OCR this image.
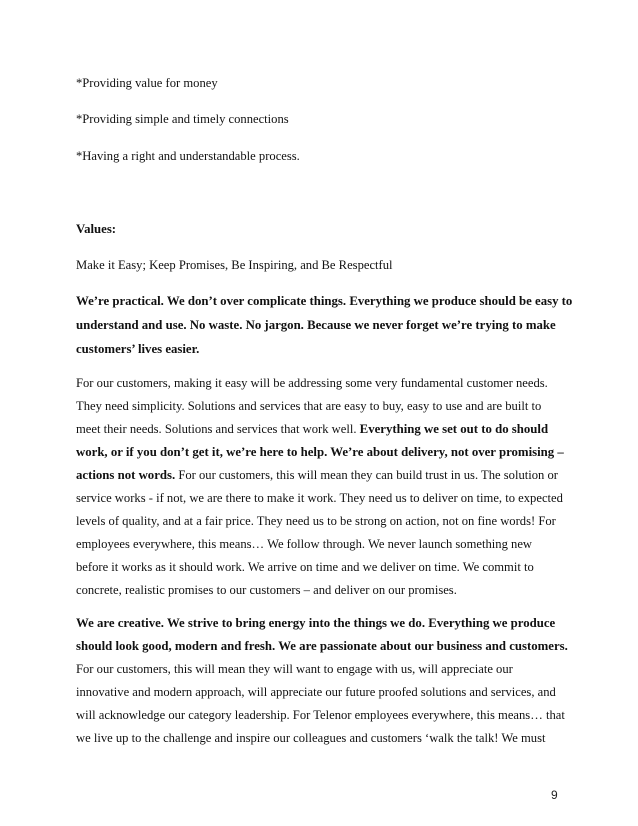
*Providing value for money
*Providing simple and timely connections
*Having a right and understandable process.
Values:
Make it Easy; Keep Promises, Be Inspiring, and Be Respectful
We’re practical. We don’t over complicate things. Everything we produce should be easy to
understand and use. No waste. No jargon. Because we never forget we’re trying to make
customers’ lives easier.
For our customers, making it easy will be addressing some very fundamental customer needs.
They need simplicity. Solutions and services that are easy to buy, easy to use and are built to
meet their needs. Solutions and services that work well. Everything we set out to do should
work, or if you don’t get it, we’re here to help. We’re about delivery, not over promising –
actions not words. For our customers, this will mean they can build trust in us. The solution or
service works - if not, we are there to make it work. They need us to deliver on time, to expected
levels of quality, and at a fair price. They need us to be strong on action, not on fine words! For
employees everywhere, this means… We follow through. We never launch something new
before it works as it should work. We arrive on time and we deliver on time. We commit to
concrete, realistic promises to our customers – and deliver on our promises.
We are creative. We strive to bring energy into the things we do. Everything we produce
should look good, modern and fresh. We are passionate about our business and customers.
For our customers, this will mean they will want to engage with us, will appreciate our
innovative and modern approach, will appreciate our future proofed solutions and services, and
will acknowledge our category leadership. For Telenor employees everywhere, this means… that
we live up to the challenge and inspire our colleagues and customers ‘walk the talk! We must
9
